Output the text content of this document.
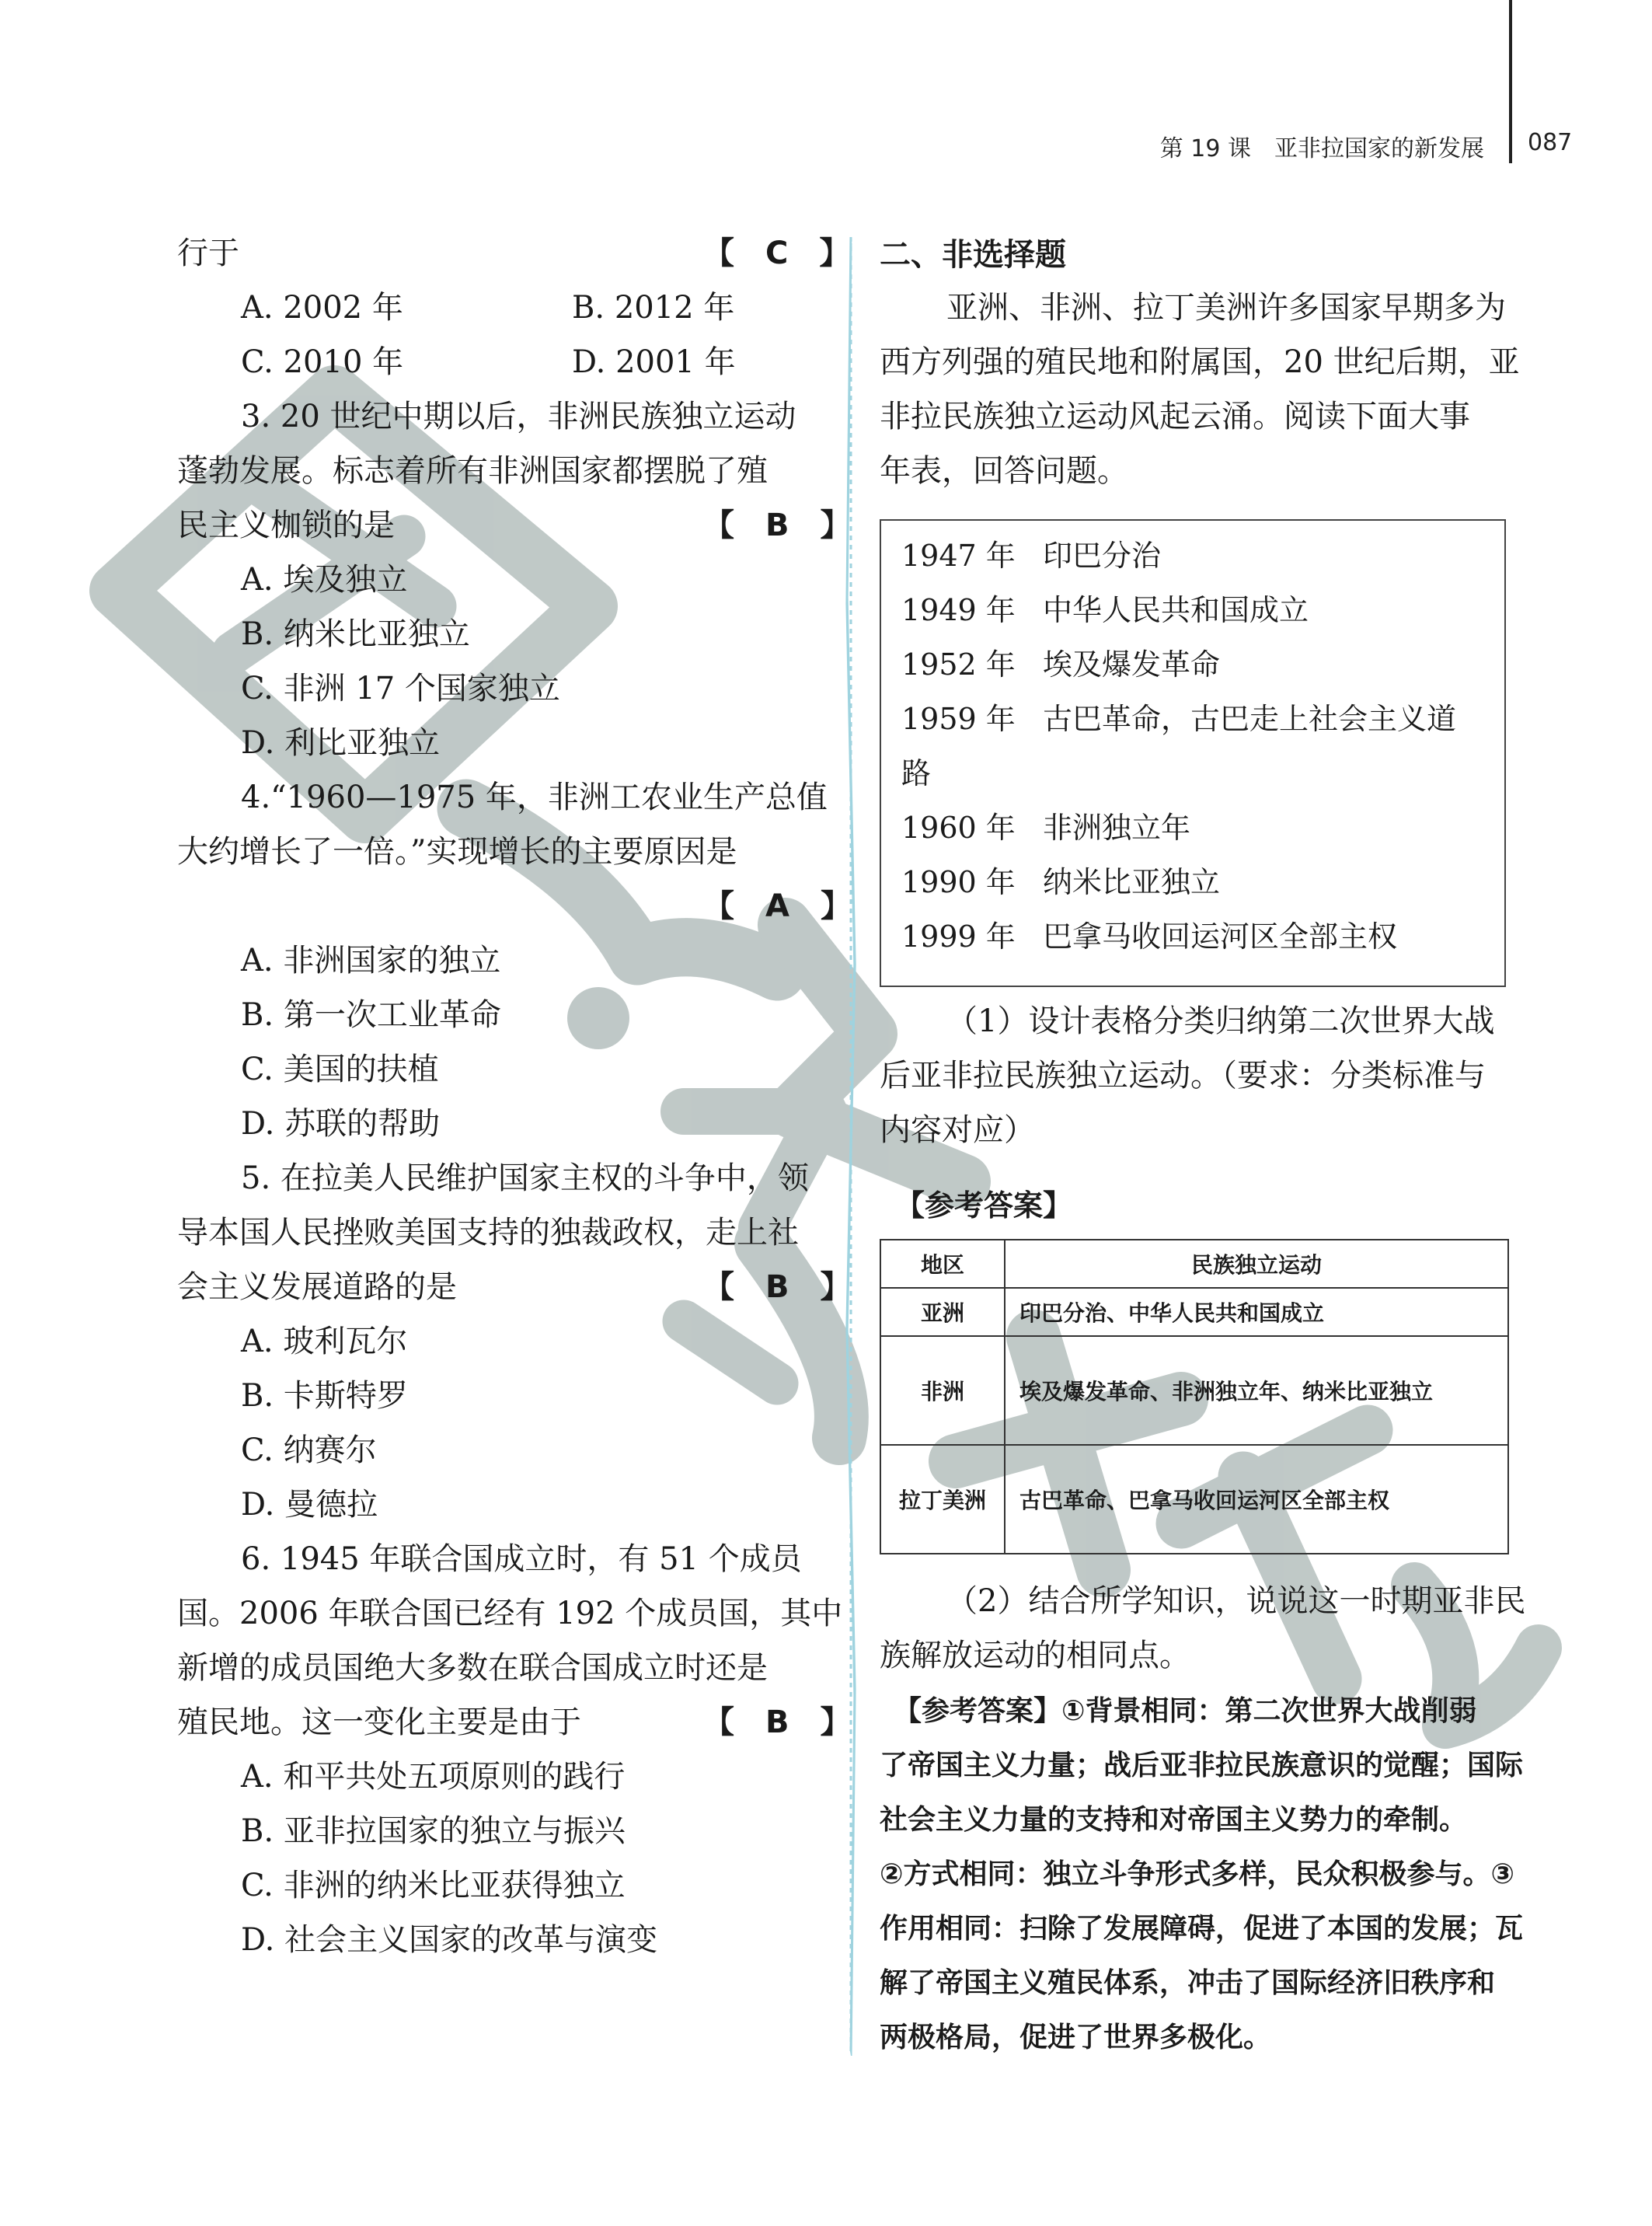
第 19 课　亚非拉国家的新发展 087
行于	【　C　】
A. 2002 年	B. 2012 年
C. 2010 年	D. 2001 年
3. 20 世纪中期以后，非洲民族独立运动
蓬勃发展。标志着所有非洲国家都摆脱了殖
民主义枷锁的是	【　B　】
A. 埃及独立
B. 纳米比亚独立
C. 非洲 17 个国家独立
D. 利比亚独立
4.“1960—1975 年，非洲工农业生产总值
大约增长了一倍。”实现增长的主要原因是
【　A　】
A. 非洲国家的独立
B. 第一次工业革命
C. 美国的扶植
D. 苏联的帮助
5. 在拉美人民维护国家主权的斗争中，领
导本国人民挫败美国支持的独裁政权，走上社
会主义发展道路的是	【　B　】
A. 玻利瓦尔
B. 卡斯特罗
C. 纳赛尔
D. 曼德拉
6. 1945 年联合国成立时，有 51 个成员
国。2006 年联合国已经有 192 个成员国，其中
新增的成员国绝大多数在联合国成立时还是
殖民地。这一变化主要是由于	【　B　】
A. 和平共处五项原则的践行
B. 亚非拉国家的独立与振兴
C. 非洲的纳米比亚获得独立
D. 社会主义国家的改革与演变
二、非选择题
亚洲、非洲、拉丁美洲许多国家早期多为
西方列强的殖民地和附属国，20 世纪后期，亚
非拉民族独立运动风起云涌。阅读下面大事
年表，回答问题。
1947 年 印巴分治
1949 年 中华人民共和国成立
1952 年 埃及爆发革命
1959 年 古巴革命，古巴走上社会主义道
路
1960 年 非洲独立年
1990 年 纳米比亚独立
1999 年 巴拿马收回运河区全部主权
（1）设计表格分类归纳第二次世界大战
后亚非拉民族独立运动。（要求：分类标准与
内容对应）
【参考答案】
地区	民族独立运动
亚洲	印巴分治、中华人民共和国成立
非洲	埃及爆发革命、非洲独立年、纳米比亚独立
拉丁美洲	古巴革命、巴拿马收回运河区全部主权
（2）结合所学知识，说说这一时期亚非民
族解放运动的相同点。
【参考答案】①背景相同：第二次世界大战削弱
了帝国主义力量；战后亚非拉民族意识的觉醒；国际
社会主义力量的支持和对帝国主义势力的牵制。
②方式相同：独立斗争形式多样，民众积极参与。③
作用相同：扫除了发展障碍，促进了本国的发展；瓦
解了帝国主义殖民体系，冲击了国际经济旧秩序和
两极格局，促进了世界多极化。
